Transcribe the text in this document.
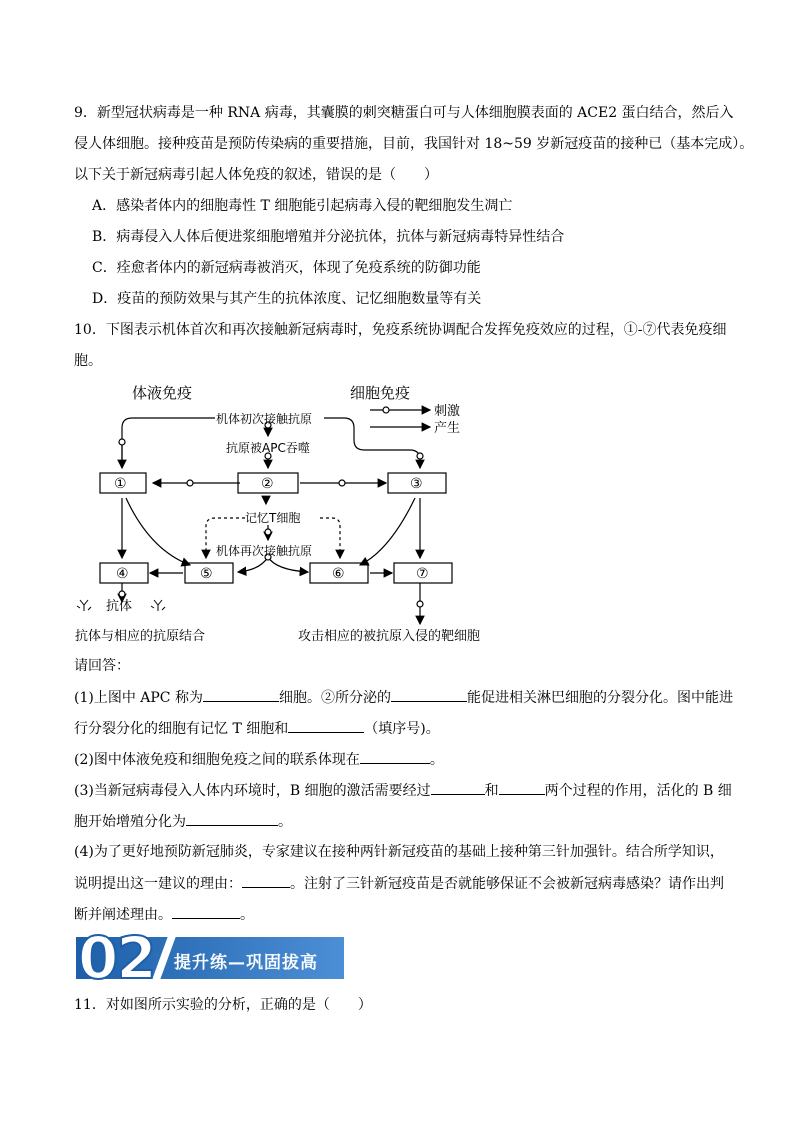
9．新型冠状病毒是一种 RNA 病毒，其囊膜的刺突糖蛋白可与人体细胞膜表面的 ACE2 蛋白结合，然后入
侵人体细胞。接种疫苗是预防传染病的重要措施，目前，我国针对 18~59 岁新冠疫苗的接种已（基本完成）。
以下关于新冠病毒引起人体免疫的叙述，错误的是（　　）
A．感染者体内的细胞毒性 T 细胞能引起病毒入侵的靶细胞发生凋亡
B．病毒侵入人体后便进浆细胞增殖并分泌抗体，抗体与新冠病毒特异性结合
C．痊愈者体内的新冠病毒被消灭，体现了免疫系统的防御功能
D．疫苗的预防效果与其产生的抗体浓度、记忆细胞数量等有关
10．下图表示机体首次和再次接触新冠病毒时，免疫系统协调配合发挥免疫效应的过程，①-⑦代表免疫细
胞。
体液免疫	细胞免疫
机体初次接触抗原
抗原被APC吞噬
记忆T细胞
机体再次接触抗原
刺激
产生
抗体
抗体与相应的抗原结合	攻击相应的被抗原入侵的靶细胞
①	②	③
④	⑤	⑥	⑦
请回答：
(1)上图中 APC 称为	细胞。②所分泌的	能促进相关淋巴细胞的分裂分化。图中能进
行分裂分化的细胞有记忆 T 细胞和	（填序号)。
(2)图中体液免疫和细胞免疫之间的联系体现在	。
(3)当新冠病毒侵入人体内环境时，B 细胞的激活需要经过	和	两个过程的作用，活化的 B 细
胞开始增殖分化为	。
(4)为了更好地预防新冠肺炎，专家建议在接种两针新冠疫苗的基础上接种第三针加强针。结合所学知识，
说明提出这一建议的理由：	。注射了三针新冠疫苗是否就能够保证不会被新冠病毒感染？请作出判
断并阐述理由。	。
02 提升练—巩固拔高
11．对如图所示实验的分析，正确的是（　　）
